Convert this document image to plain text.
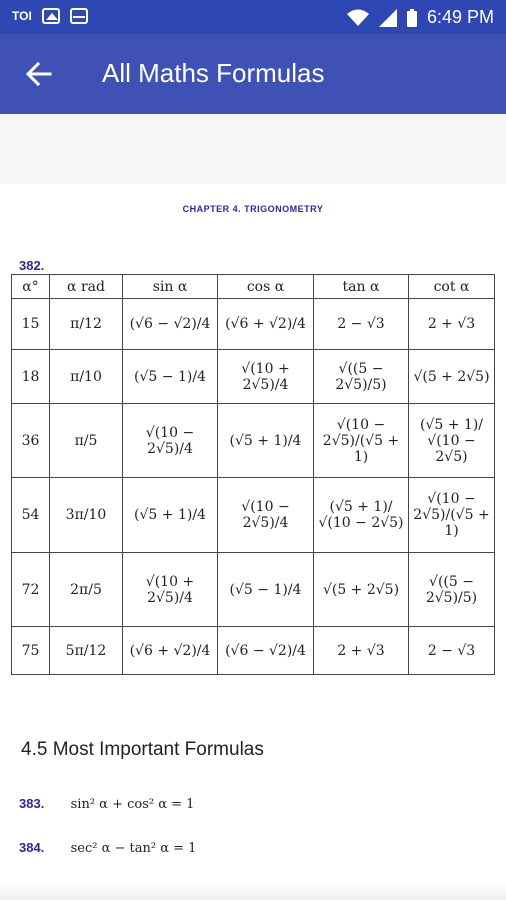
TOI	6:49 PM
All Maths Formulas
CHAPTER 4. TRIGONOMETRY
382.
α°	α rad	sin α	cos α	tan α	cot α
15	π/12	(√6 − √2)/4	(√6 + √2)/4	2 − √3	2 + √3
18	π/10	(√5 − 1)/4	√(10 + 2√5)/4	√((5 − 2√5)/5)	√(5 + 2√5)
36	π/5	√(10 − 2√5)/4	(√5 + 1)/4	√(10 − 2√5)/(√5 + 1)	(√5 + 1)/√(10 − 2√5)
54	3π/10	(√5 + 1)/4	√(10 − 2√5)/4	(√5 + 1)/√(10 − 2√5)	√(10 − 2√5)/(√5 + 1)
72	2π/5	√(10 + 2√5)/4	(√5 − 1)/4	√(5 + 2√5)	√((5 − 2√5)/5)
75	5π/12	(√6 + √2)/4	(√6 − √2)/4	2 + √3	2 − √3
4.5 Most Important Formulas
383. sin² α + cos² α = 1
384. sec² α − tan² α = 1
